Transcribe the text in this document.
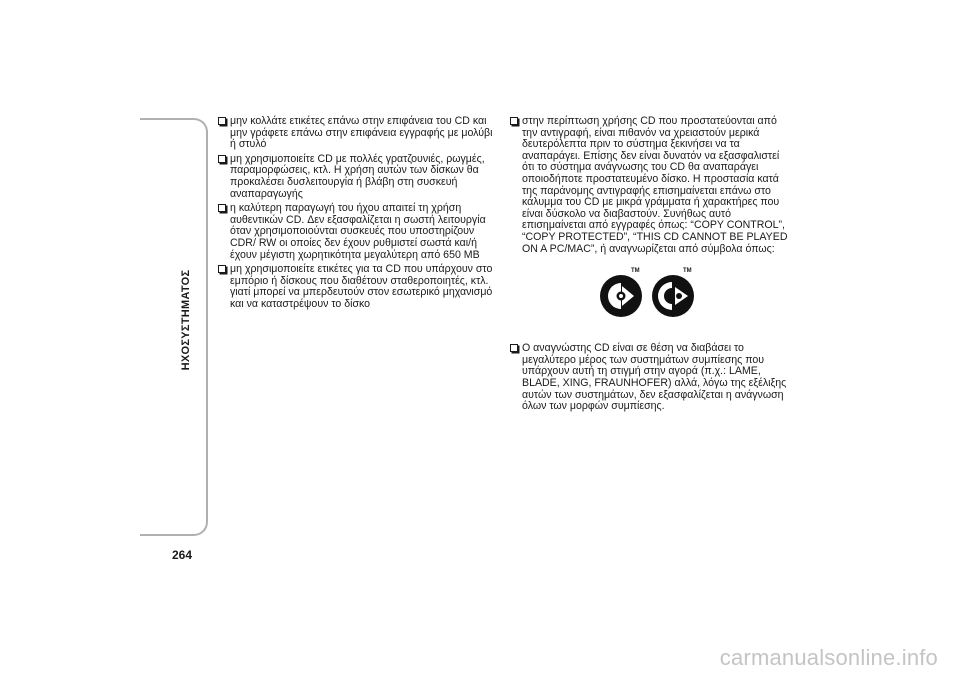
ΗΧΟΣΥΣΤΗΜΑΤΟΣ
264
μην κολλάτε ετικέτες επάνω στην επιφάνεια του CD και μην γράφετε επάνω στην επιφάνεια εγγραφής με μολύβι ή στυλό
μη χρησιμοποιείτε CD με πολλές γρατζουνιές, ρωγμές, παραμορφώσεις, κτλ. Η χρήση αυτών των δίσκων θα προκαλέσει δυσλειτουργία ή βλάβη στη συσκευή αναπαραγωγής
η καλύτερη παραγωγή του ήχου απαιτεί τη χρήση αυθεντικών CD. Δεν εξασφαλίζεται η σωστή λειτουργία όταν χρησιμοποιούνται συσκευές που υποστηρίζουν CDR/ RW οι οποίες δεν έχουν ρυθμιστεί σωστά και/ή έχουν μέγιστη χωρητικότητα μεγαλύτερη από 650 MB
μη χρησιμοποιείτε ετικέτες για τα CD που υπάρχουν στο εμπόριο ή δίσκους που διαθέτουν σταθεροποιητές, κτλ. γιατί μπορεί να μπερδευτούν στον εσωτερικό μηχανισμό και να καταστρέψουν το δίσκο
στην περίπτωση χρήσης CD που προστατεύονται από την αντιγραφή, είναι πιθανόν να χρειαστούν μερικά δευτερόλεπτα πριν το σύστημα ξεκινήσει να τα αναπαράγει. Επίσης δεν είναι δυνατόν να εξασφαλιστεί ότι το σύστημα ανάγνωσης του CD θα αναπαράγει οποιοδήποτε προστατευμένο δίσκο. Η προστασία κατά της παράνομης αντιγραφής επισημαίνεται επάνω στο κάλυμμα του CD με μικρά γράμματα ή χαρακτήρες που είναι δύσκολο να διαβαστούν. Συνήθως αυτό επισημαίνεται από εγγραφές όπως: “COPY CONTROL”, “COPY PROTECTED”, “THIS CD CANNOT BE PLAYED ON A PC/MAC”, ή αναγνωρίζεται από σύμβολα όπως:
TM	TM
Ο αναγνώστης CD είναι σε θέση να διαβάσει το μεγαλύτερο μέρος των συστημάτων συμπίεσης που υπάρχουν αυτή τη στιγμή στην αγορά (π.χ.: LAME, BLADE, XING, FRAUNHOFER) αλλά, λόγω της εξέλιξης αυτών των συστημάτων, δεν εξασφαλίζεται η ανάγνωση όλων των μορφών συμπίεσης.
carmanualsonline.info
